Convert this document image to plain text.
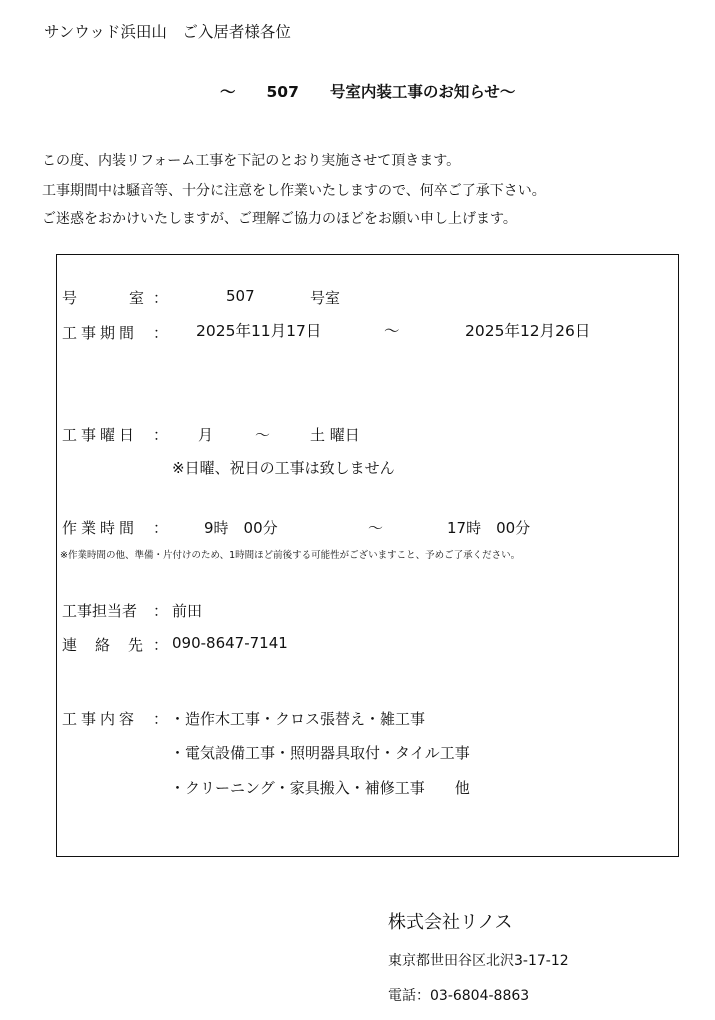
サンウッド浜田山　ご入居者様各位
～　　507　　号室内装工事のお知らせ～
この度、内装リフォーム工事を下記のとおり実施させて頂きます。
工事期間中は騒音等、十分に注意をし作業いたしますので、何卒ご了承下さい。
ご迷惑をおかけいたしますが、ご理解ご協力のほどをお願い申し上げます。
号	室 ：	507	号室
工事期間 ： 2025年11月17日	～	2025年12月26日
工事曜日 ： 月	～	土 曜日
※日曜、祝日の工事は致しません
作業時間 ： 9時　00分	～	17時　00分
※作業時間の他、準備・片付けのため、1時間ほど前後する可能性がございますこと、予めご了承ください。
工事担当者 ： 前田
連 絡 先 ： 090-8647-7141
工事内容 ： ・造作木工事・クロス張替え・雑工事
・電気設備工事・照明器具取付・タイル工事
・クリーニング・家具搬入・補修工事　　他
株式会社リノス
東京都世田谷区北沢3-17-12
電話：03-6804-8863
